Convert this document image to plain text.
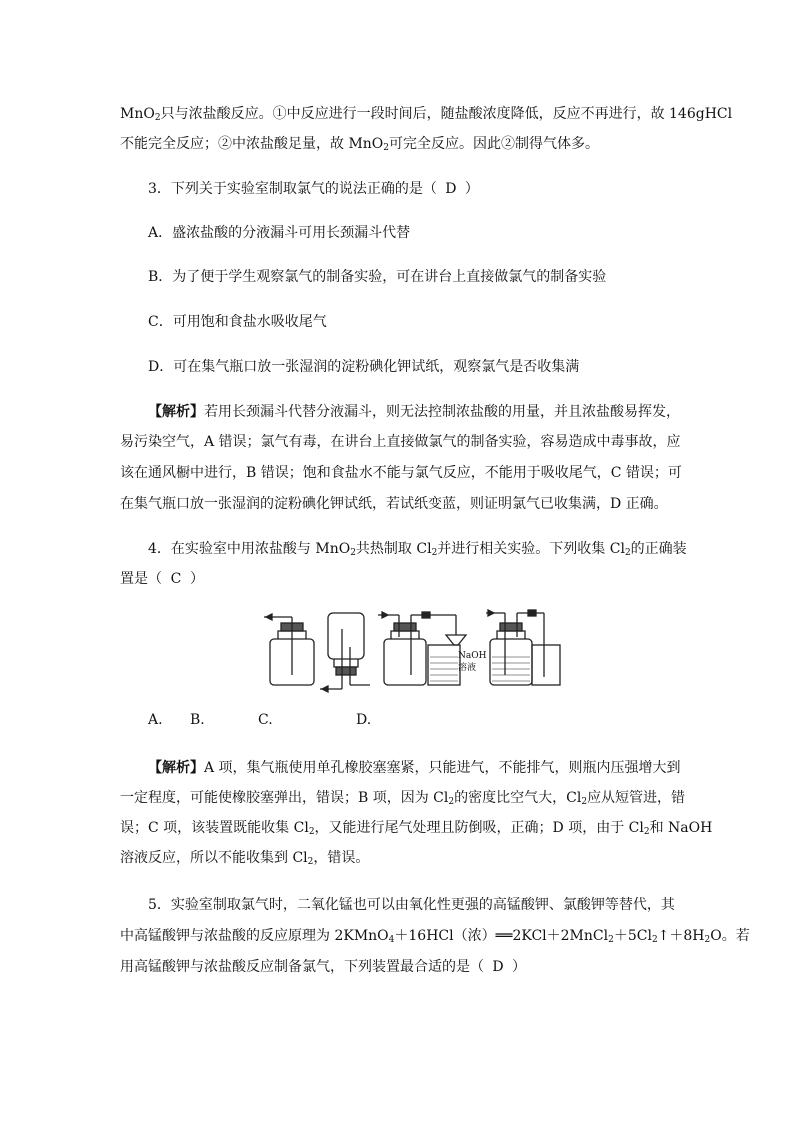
MnO$_2$只与浓盐酸反应。①中反应进行一段时间后，随盐酸浓度降低，反应不再进行，故 146gHCl
不能完全反应；②中浓盐酸足量，故 MnO$_2$可完全反应。因此②制得气体多。
3．下列关于实验室制取氯气的说法正确的是（ D ）
A．盛浓盐酸的分液漏斗可用长颈漏斗代替
B．为了便于学生观察氯气的制备实验，可在讲台上直接做氯气的制备实验
C．可用饱和食盐水吸收尾气
D．可在集气瓶口放一张湿润的淀粉碘化钾试纸，观察氯气是否收集满
【解析】若用长颈漏斗代替分液漏斗，则无法控制浓盐酸的用量，并且浓盐酸易挥发，
易污染空气，A 错误；氯气有毒，在讲台上直接做氯气的制备实验，容易造成中毒事故，应
该在通风橱中进行，B 错误；饱和食盐水不能与氯气反应，不能用于吸收尾气，C 错误；可
在集气瓶口放一张湿润的淀粉碘化钾试纸，若试纸变蓝，则证明氯气已收集满，D 正确。
4．在实验室中用浓盐酸与 MnO$_2$共热制取 $Cl_2$并进行相关实验。下列收集 $Cl_2$的正确装
置是（ C ）
NaOH
溶液
A. B.	C.	D.
【解析】A 项，集气瓶使用单孔橡胶塞塞紧，只能进气，不能排气，则瓶内压强增大到
一定程度，可能使橡胶塞弹出，错误；B 项，因为 $Cl_2$的密度比空气大，$Cl_2$应从短管进，错
误；C 项，该装置既能收集 $Cl_2$，又能进行尾气处理且防倒吸，正确；D 项，由于 $Cl_2$和 NaOH
溶液反应，所以不能收集到 $Cl_2$，错误。
5．实验室制取氯气时，二氧化锰也可以由氧化性更强的高锰酸钾、氯酸钾等替代，其
中高锰酸钾与浓盐酸的反应原理为 2KMnO$_4$＋16HCl（浓）$══2KCl+2MnCl_2+5Cl_2↑+8H_2O$。若
用高锰酸钾与浓盐酸反应制备氯气，下列装置最合适的是（ D ）
